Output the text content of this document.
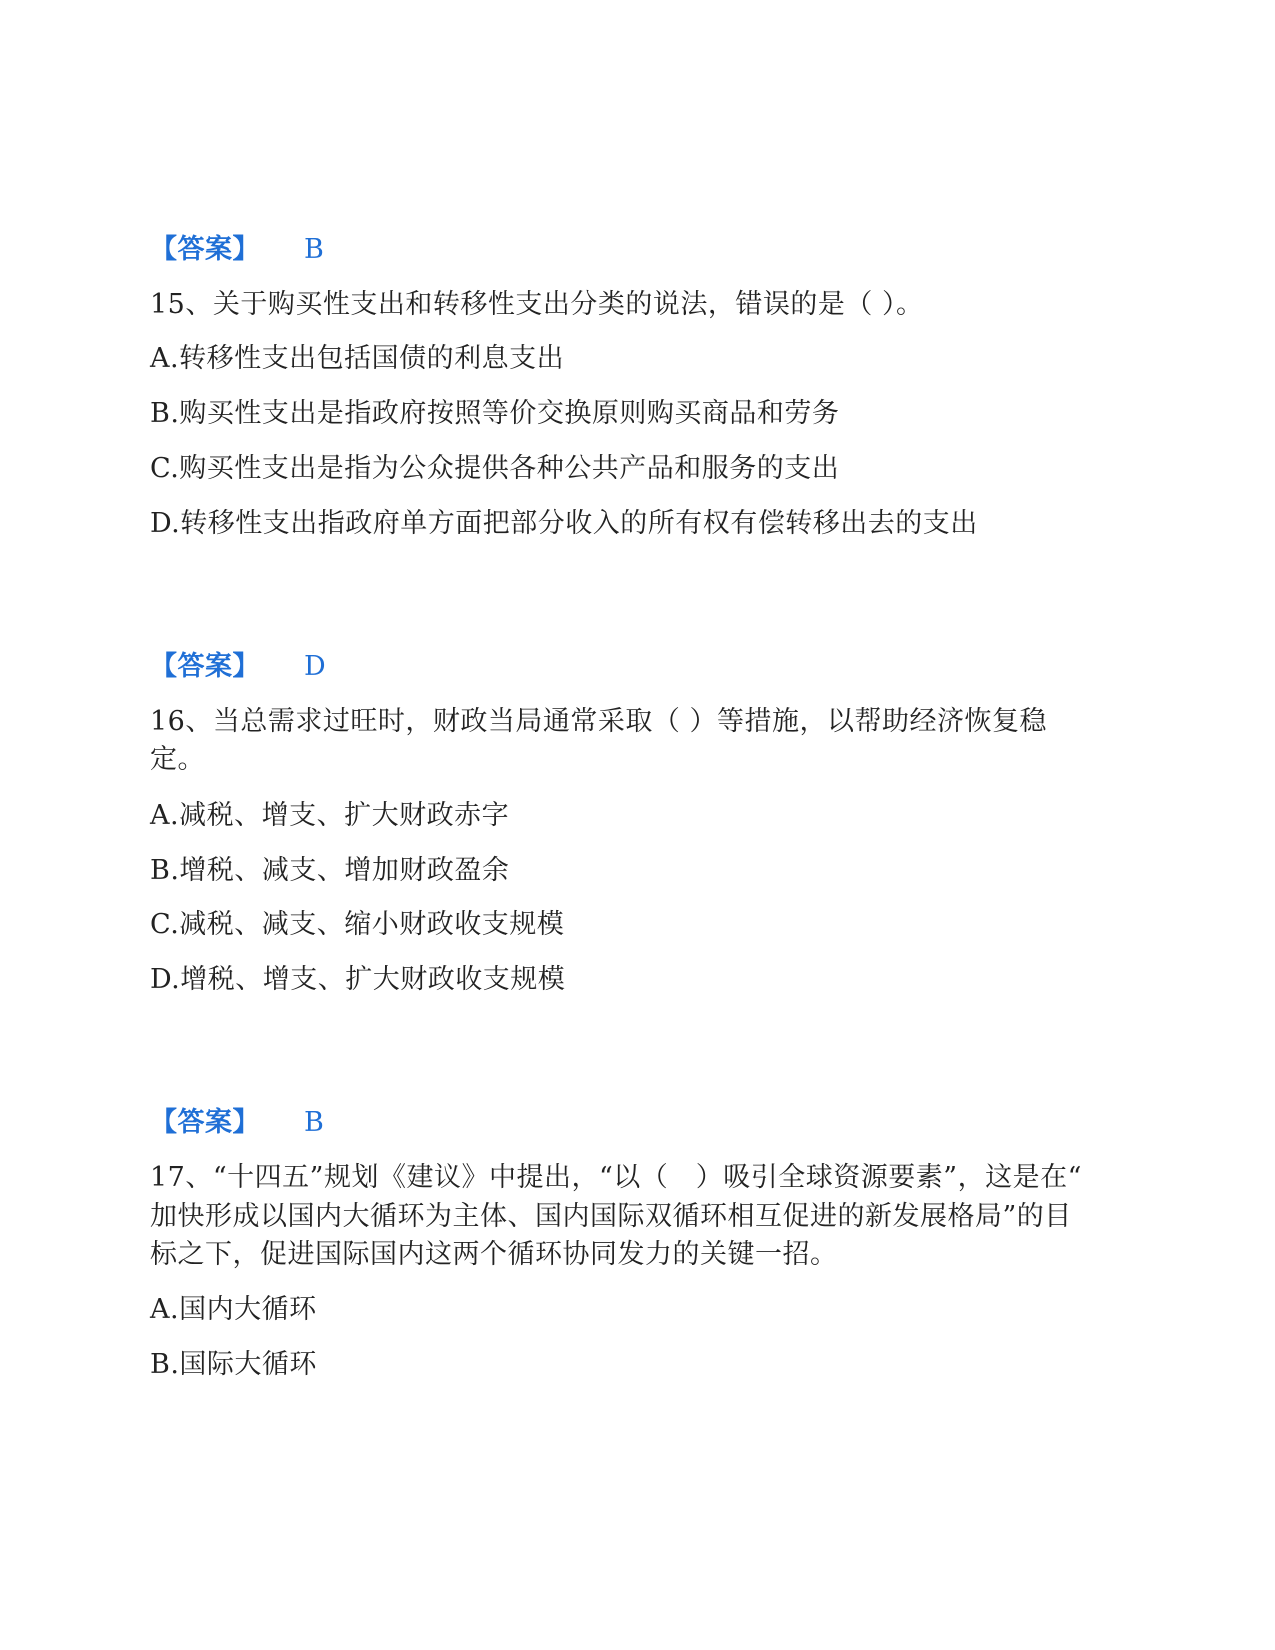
【答案】 B
15、关于购买性支出和转移性支出分类的说法，错误的是（ ）。
A.转移性支出包括国债的利息支出
B.购买性支出是指政府按照等价交换原则购买商品和劳务
C.购买性支出是指为公众提供各种公共产品和服务的支出
D.转移性支出指政府单方面把部分收入的所有权有偿转移出去的支出
【答案】 D
16、当总需求过旺时，财政当局通常采取（ ）等措施，以帮助经济恢复稳
定。
A.减税、增支、扩大财政赤字
B.增税、减支、增加财政盈余
C.减税、减支、缩小财政收支规模
D.增税、增支、扩大财政收支规模
【答案】 B
17、“十四五”规划《建议》中提出，“以（　）吸引全球资源要素”，这是在“
加快形成以国内大循环为主体、国内国际双循环相互促进的新发展格局”的目
标之下，促进国际国内这两个循环协同发力的关键一招。
A.国内大循环
B.国际大循环
